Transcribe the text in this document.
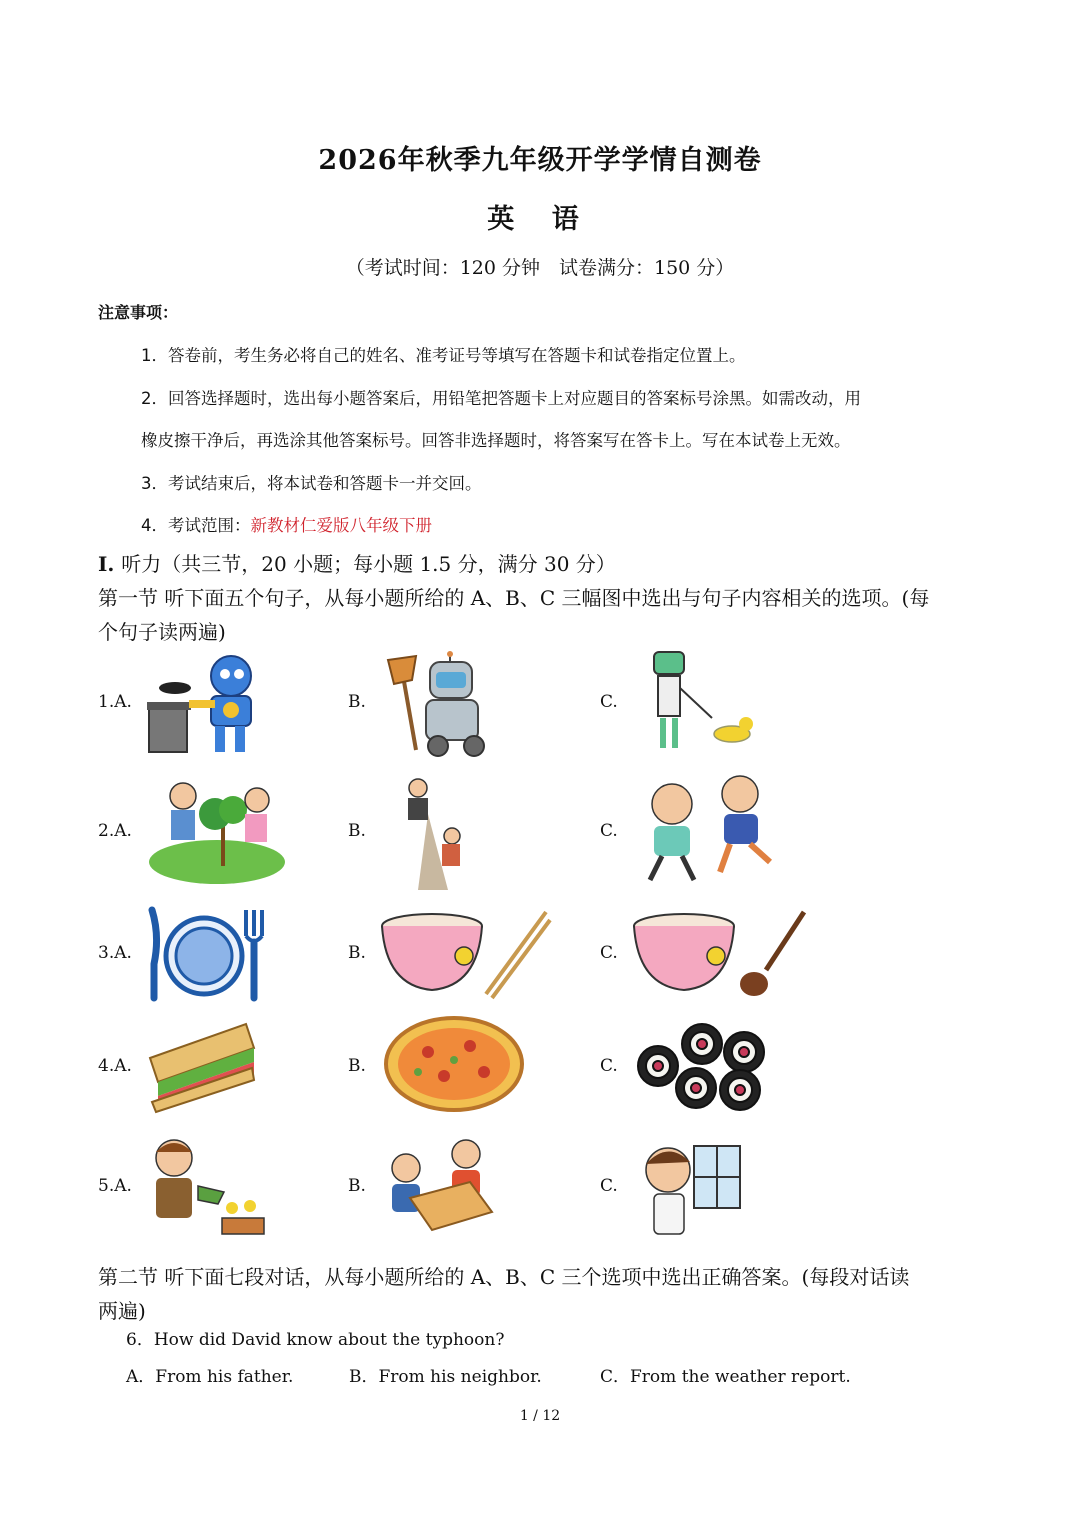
2026年秋季九年级开学学情自测卷
英 语
（考试时间：120 分钟　试卷满分：150 分）
注意事项：
1．答卷前，考生务必将自己的姓名、准考证号等填写在答题卡和试卷指定位置上。
2．回答选择题时，选出每小题答案后，用铅笔把答题卡上对应题目的答案标号涂黑。如需改动，用
橡皮擦干净后，再选涂其他答案标号。回答非选择题时，将答案写在答卡上。写在本试卷上无效。
3．考试结束后，将本试卷和答题卡一并交回。
4．考试范围：新教材仁爱版八年级下册
I. 听力（共三节，20 小题；每小题 1.5 分，满分 30 分）
第一节 听下面五个句子，从每小题所给的 A、B、C 三幅图中选出与句子内容相关的选项。(每
个句子读两遍)
1.A.	B.	C.
2.A.	B.	C.
3.A.	B.	C.
4.A.	B.	C.
5.A.	B.	C.
第二节 听下面七段对话，从每小题所给的 A、B、C 三个选项中选出正确答案。(每段对话读
两遍)
6．How did David know about the typhoon?
A．From his father.	B．From his neighbor.	C．From the weather report.
1 / 12
